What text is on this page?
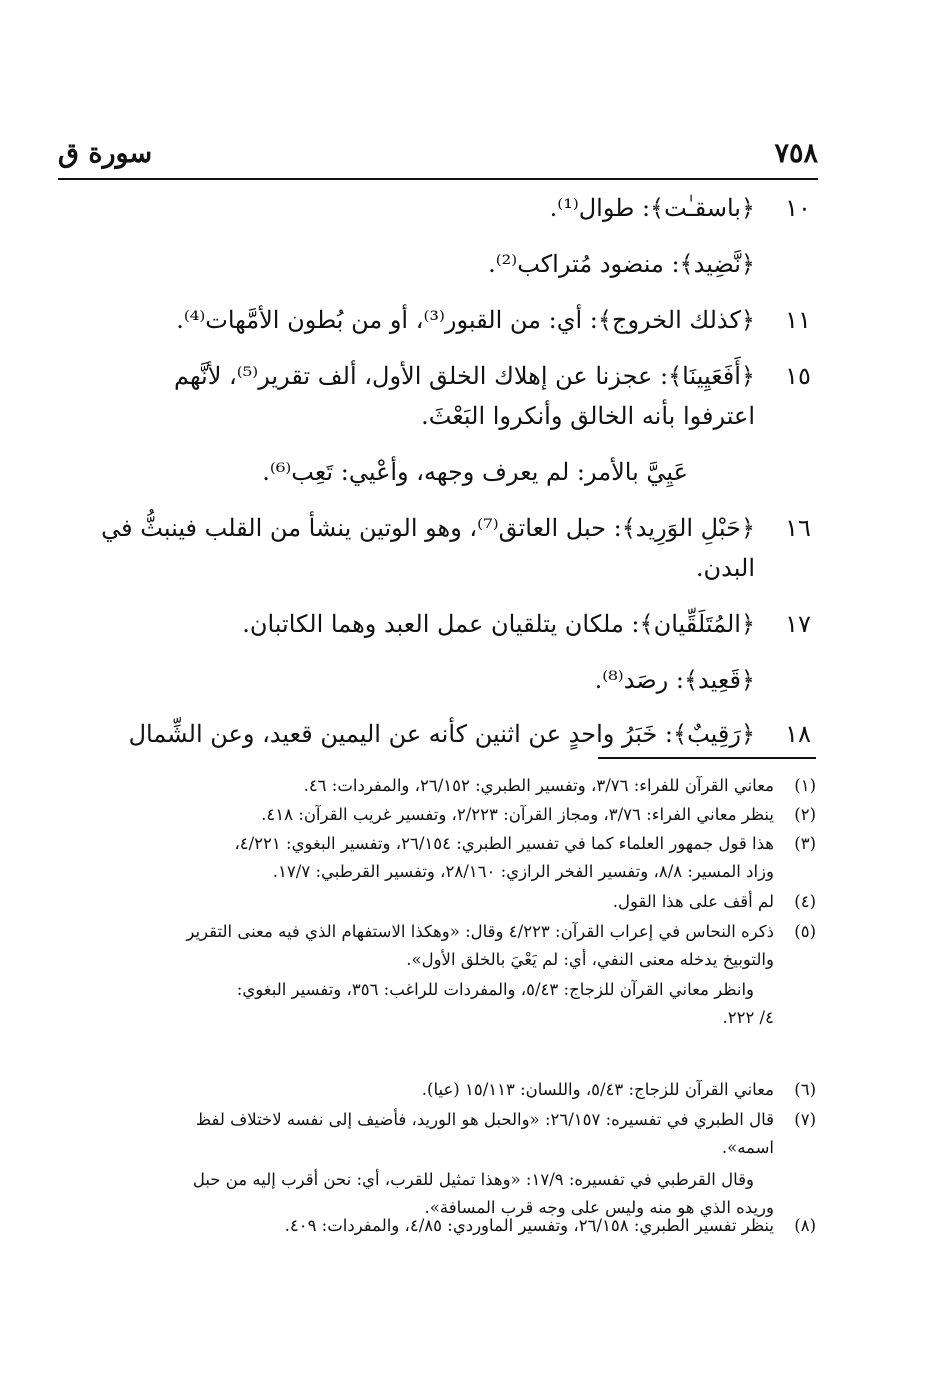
٧٥٨
سورة ق
١٠
﴿باسقـٰت﴾: طوال⁽¹⁾.
﴿نَّضِيد﴾: منضود مُتراكب⁽²⁾.
١١
﴿كذلك الخروج﴾: أي: من القبور⁽³⁾، أو من بُطون الأمَّهات⁽⁴⁾.
١٥
﴿أَفَعَيِينَا﴾: عجزنا عن إهلاك الخلق الأول، ألف تقرير⁽⁵⁾، لأنَّهم
اعترفوا بأنه الخالق وأنكروا البَعْثَ.
عَيِيَّ بالأمر: لم يعرف وجهه، وأعْيي: تَعِب⁽⁶⁾.
١٦
﴿حَبْلِ الوَرِيد﴾: حبل العاتق⁽⁷⁾، وهو الوتين ينشأ من القلب فينبثُّ في
البدن.
١٧
﴿المُتَلَقِّيان﴾: ملكان يتلقيان عمل العبد وهما الكاتبان.
﴿قَعِيد﴾: رصَد⁽⁸⁾.
١٨
﴿رَقِيبٌ﴾: خَبَرُ واحدٍ عن اثنين كأنه عن اليمين قعيد، وعن الشِّمال
(١)
معاني القرآن للفراء: ٣/٧٦، وتفسير الطبري: ٢٦/١٥٢، والمفردات: ٤٦.
(٢)
ينظر معاني الفراء: ٣/٧٦، ومجاز القرآن: ٢/٢٢٣، وتفسير غريب القرآن: ٤١٨.
(٣)
هذا قول جمهور العلماء كما في تفسير الطبري: ٢٦/١٥٤، وتفسير البغوي: ٤/٢٢١،
وزاد المسير: ٨/٨، وتفسير الفخر الرازي: ٢٨/١٦٠، وتفسير القرطبي: ١٧/٧.
(٤)
لم أقف على هذا القول.
(٥)
ذكره النحاس في إعراب القرآن: ٤/٢٢٣ وقال: «وهكذا الاستفهام الذي فيه معنى التقرير
والتوبيخ يدخله معنى النفي، أي: لم يَعْيَ بالخلق الأول».
وانظر معاني القرآن للزجاج: ٥/٤٣، والمفردات للراغب: ٣٥٦، وتفسير البغوي:
٤/ ٢٢٢.
(٦)
معاني القرآن للزجاج: ٥/٤٣، واللسان: ١٥/١١٣ (عيا).
(٧)
قال الطبري في تفسيره: ٢٦/١٥٧: «والحبل هو الوريد، فأضيف إلى نفسه لاختلاف لفظ
اسمه».
وقال القرطبي في تفسيره: ١٧/٩: «وهذا تمثيل للقرب، أي: نحن أقرب إليه من حبل
وريده الذي هو منه وليس على وجه قرب المسافة».
(٨)
ينظر تفسير الطبري: ٢٦/١٥٨، وتفسير الماوردي: ٤/٨٥، والمفردات: ٤٠٩.
